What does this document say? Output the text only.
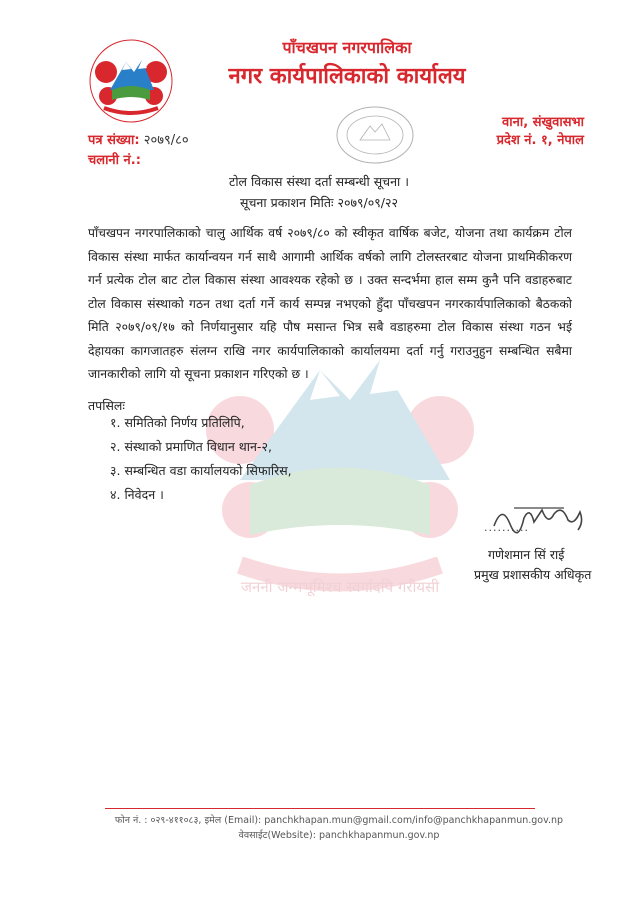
जननी जन्मभूमिश्च स्वर्गादपि गरीयसी
पाँचखपन नगरपालिका
नगर कार्यपालिकाको कार्यालय
वाना, संखुवासभा
प्रदेश नं. १, नेपाल
पत्र संख्या: २०७९/८०
चलानी नं.:
टोल विकास संस्था दर्ता सम्बन्धी सूचना ।
सूचना प्रकाशन मितिः २०७९/०९/२२

पाँचखपन नगरपालिकाको चालु आर्थिक वर्ष २०७९/८० को स्वीकृत वार्षिक बजेट, योजना तथा कार्यक्रम टोल विकास संस्था मार्फत कार्यान्वयन गर्न साथै आगामी आर्थिक वर्षको लागि टोलस्तरबाट योजना प्राथमिकीकरण गर्न प्रत्येक टोल बाट टोल विकास संस्था आवश्यक रहेको छ । उक्त सन्दर्भमा हाल सम्म कुनै पनि वडाहरुबाट टोल विकास संस्थाको गठन तथा दर्ता गर्ने कार्य सम्पन्न नभएको हुँदा पाँचखपन नगरकार्यपालिकाको बैठकको मिति २०७९/०९/१७ को निर्णयानुसार यहि पौष मसान्त भित्र सबै वडाहरुमा टोल विकास संस्था गठन भई देहायका कागजातहरु संलग्न राखि नगर कार्यपालिकाको कार्यालयमा दर्ता गर्नु गराउनुहुन सम्बन्धित सबैमा जानकारीको लागि यो सूचना प्रकाशन गरिएको छ ।

तपसिलः
१. समितिको निर्णय प्रतिलिपि,
२. संस्थाको प्रमाणित विधान थान-२,
३. सम्बन्धित वडा कार्यालयको सिफारिस,
४. निवेदन ।
..........
गणेशमान सिं राई
प्रमुख प्रशासकीय अधिकृत
फोन नं. : ०२९-४११०८३, इमेल (Email): panchkhapan.mun@gmail.com/info@panchkhapanmun.gov.np
वेवसाईट(Website): panchkhapanmun.gov.np
